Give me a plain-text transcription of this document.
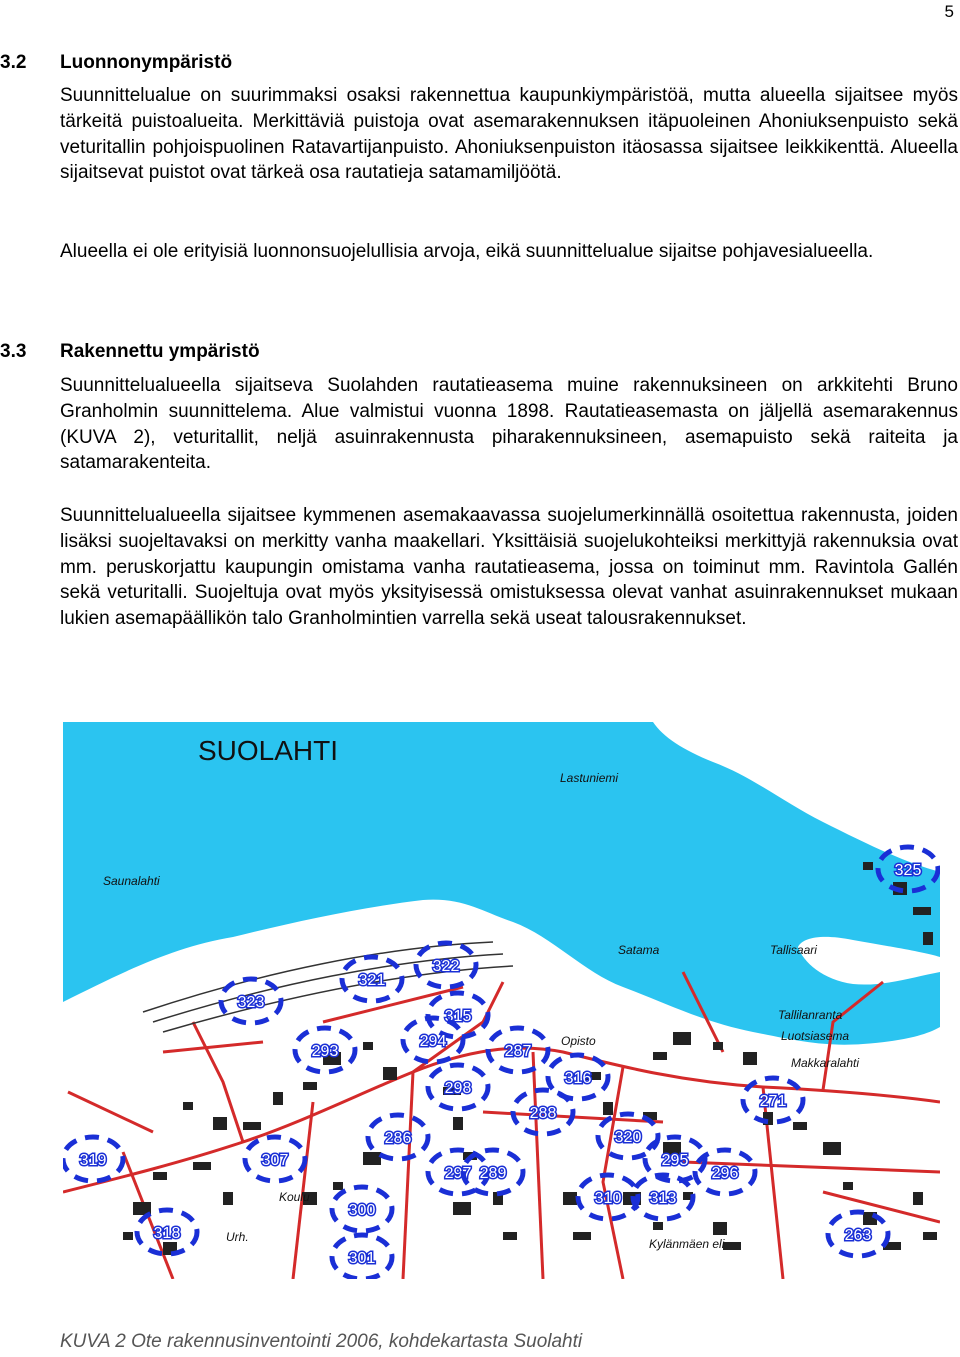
5
3.2 Luonnonympäristö

Suunnittelualue on suurimmaksi osaksi rakennettua kaupunkiympäristöä, mutta alueella sijaitsee myös tärkeitä puistoalueita. Merkittäviä puistoja ovat asemarakennuksen itäpuoleinen Ahoniuksenpuisto sekä veturitallin pohjoispuolinen Ratavartijanpuisto. Ahoniuksenpuiston itäosassa sijaitsee leikkikenttä. Alueella sijaitsevat puistot ovat tärkeä osa rautatieja satamamiljöötä.

Alueella ei ole erityisiä luonnonsuojelullisia arvoja, eikä suunnittelualue sijaitse pohjavesialueella.

3.3 Rakennettu ympäristö

Suunnittelualueella sijaitseva Suolahden rautatieasema muine rakennuksineen on arkkitehti Bruno Granholmin suunnittelema. Alue valmistui vuonna 1898. Rautatieasemasta on jäljellä asemarakennus (KUVA 2), veturitallit, neljä asuinrakennusta piharakennuksineen, asemapuisto sekä raiteita ja satamarakenteita.

Suunnittelualueella sijaitsee kymmenen asemakaavassa suojelumerkinnällä osoitettua rakennusta, joiden lisäksi suojeltavaksi on merkitty vanha maakellari. Yksittäisiä suojelukohteiksi merkittyjä rakennuksia ovat mm. peruskorjattu kaupungin omistama vanha rautatieasema, jossa on toiminut mm. Ravintola Gallén sekä veturitalli. Suojeltuja ovat myös yksityisessä omistuksessa olevat vanhat asuinrakennukset mukaan lukien asemapäällikön talo Granholmintien varrella sekä useat talousrakennukset.

325
321
322
323
315
293
294
287
316
298
288
271
286	320
319	307
297 289
295
296
300
310 313
318
301
263
Lastuniemi
Saunalahti
Satama	Tallisaari
Tallilanranta
Luotsiasema
Makkaralahti
Opisto
Koulu
Urh.	Kylänmäen eli
SUOLAHTI
KUVA 2 Ote rakennusinventointi 2006, kohdekartasta Suolahti
